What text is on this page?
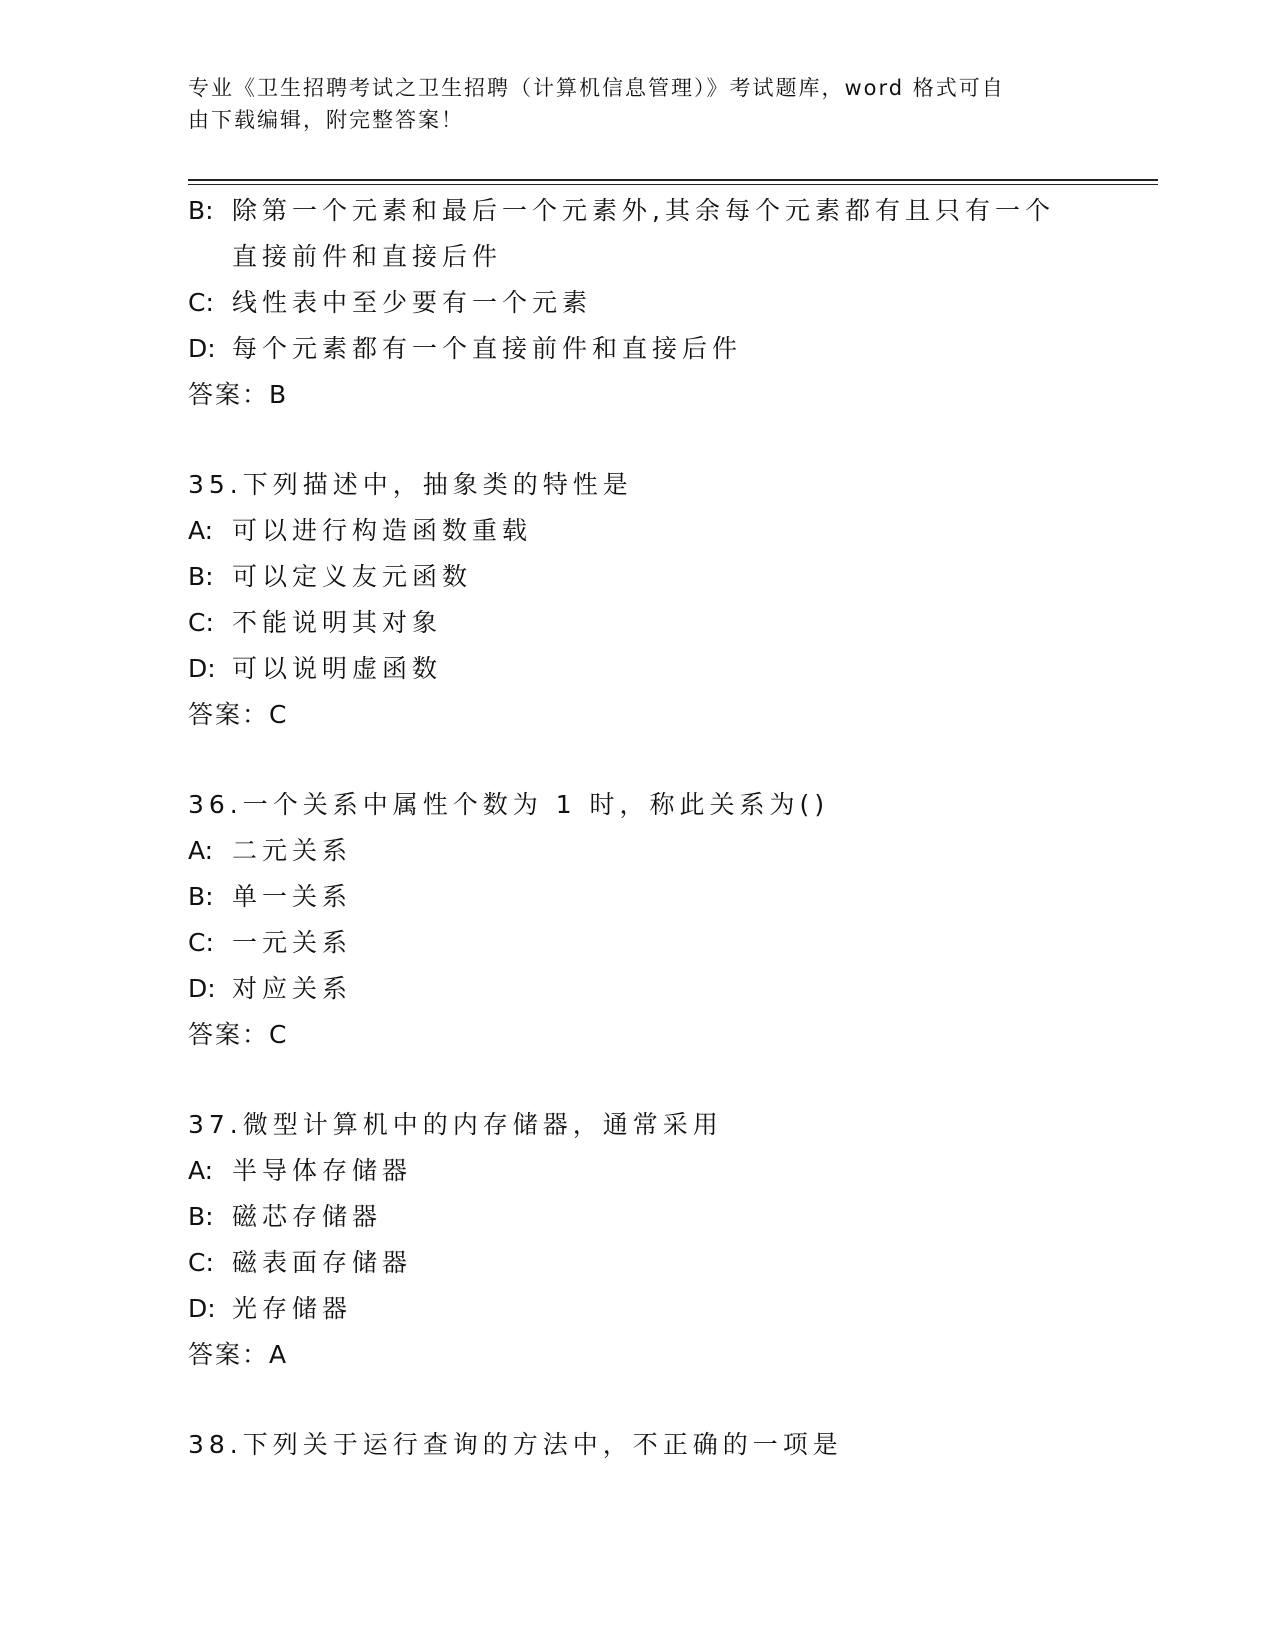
专业《卫生招聘考试之卫生招聘（计算机信息管理）》考试题库，word 格式可自
由下载编辑，附完整答案！
B: 除第一个元素和最后一个元素外,其余每个元素都有且只有一个直接前件和直接后件
C: 线性表中至少要有一个元素
D: 每个元素都有一个直接前件和直接后件
答案：B
35.下列描述中，抽象类的特性是
A: 可以进行构造函数重载
B: 可以定义友元函数
C: 不能说明其对象
D: 可以说明虚函数
答案：C
36.一个关系中属性个数为 1 时，称此关系为()
A: 二元关系
B: 单一关系
C: 一元关系
D: 对应关系
答案：C
37.微型计算机中的内存储器，通常采用
A: 半导体存储器
B: 磁芯存储器
C: 磁表面存储器
D: 光存储器
答案：A
38.下列关于运行查询的方法中，不正确的一项是
